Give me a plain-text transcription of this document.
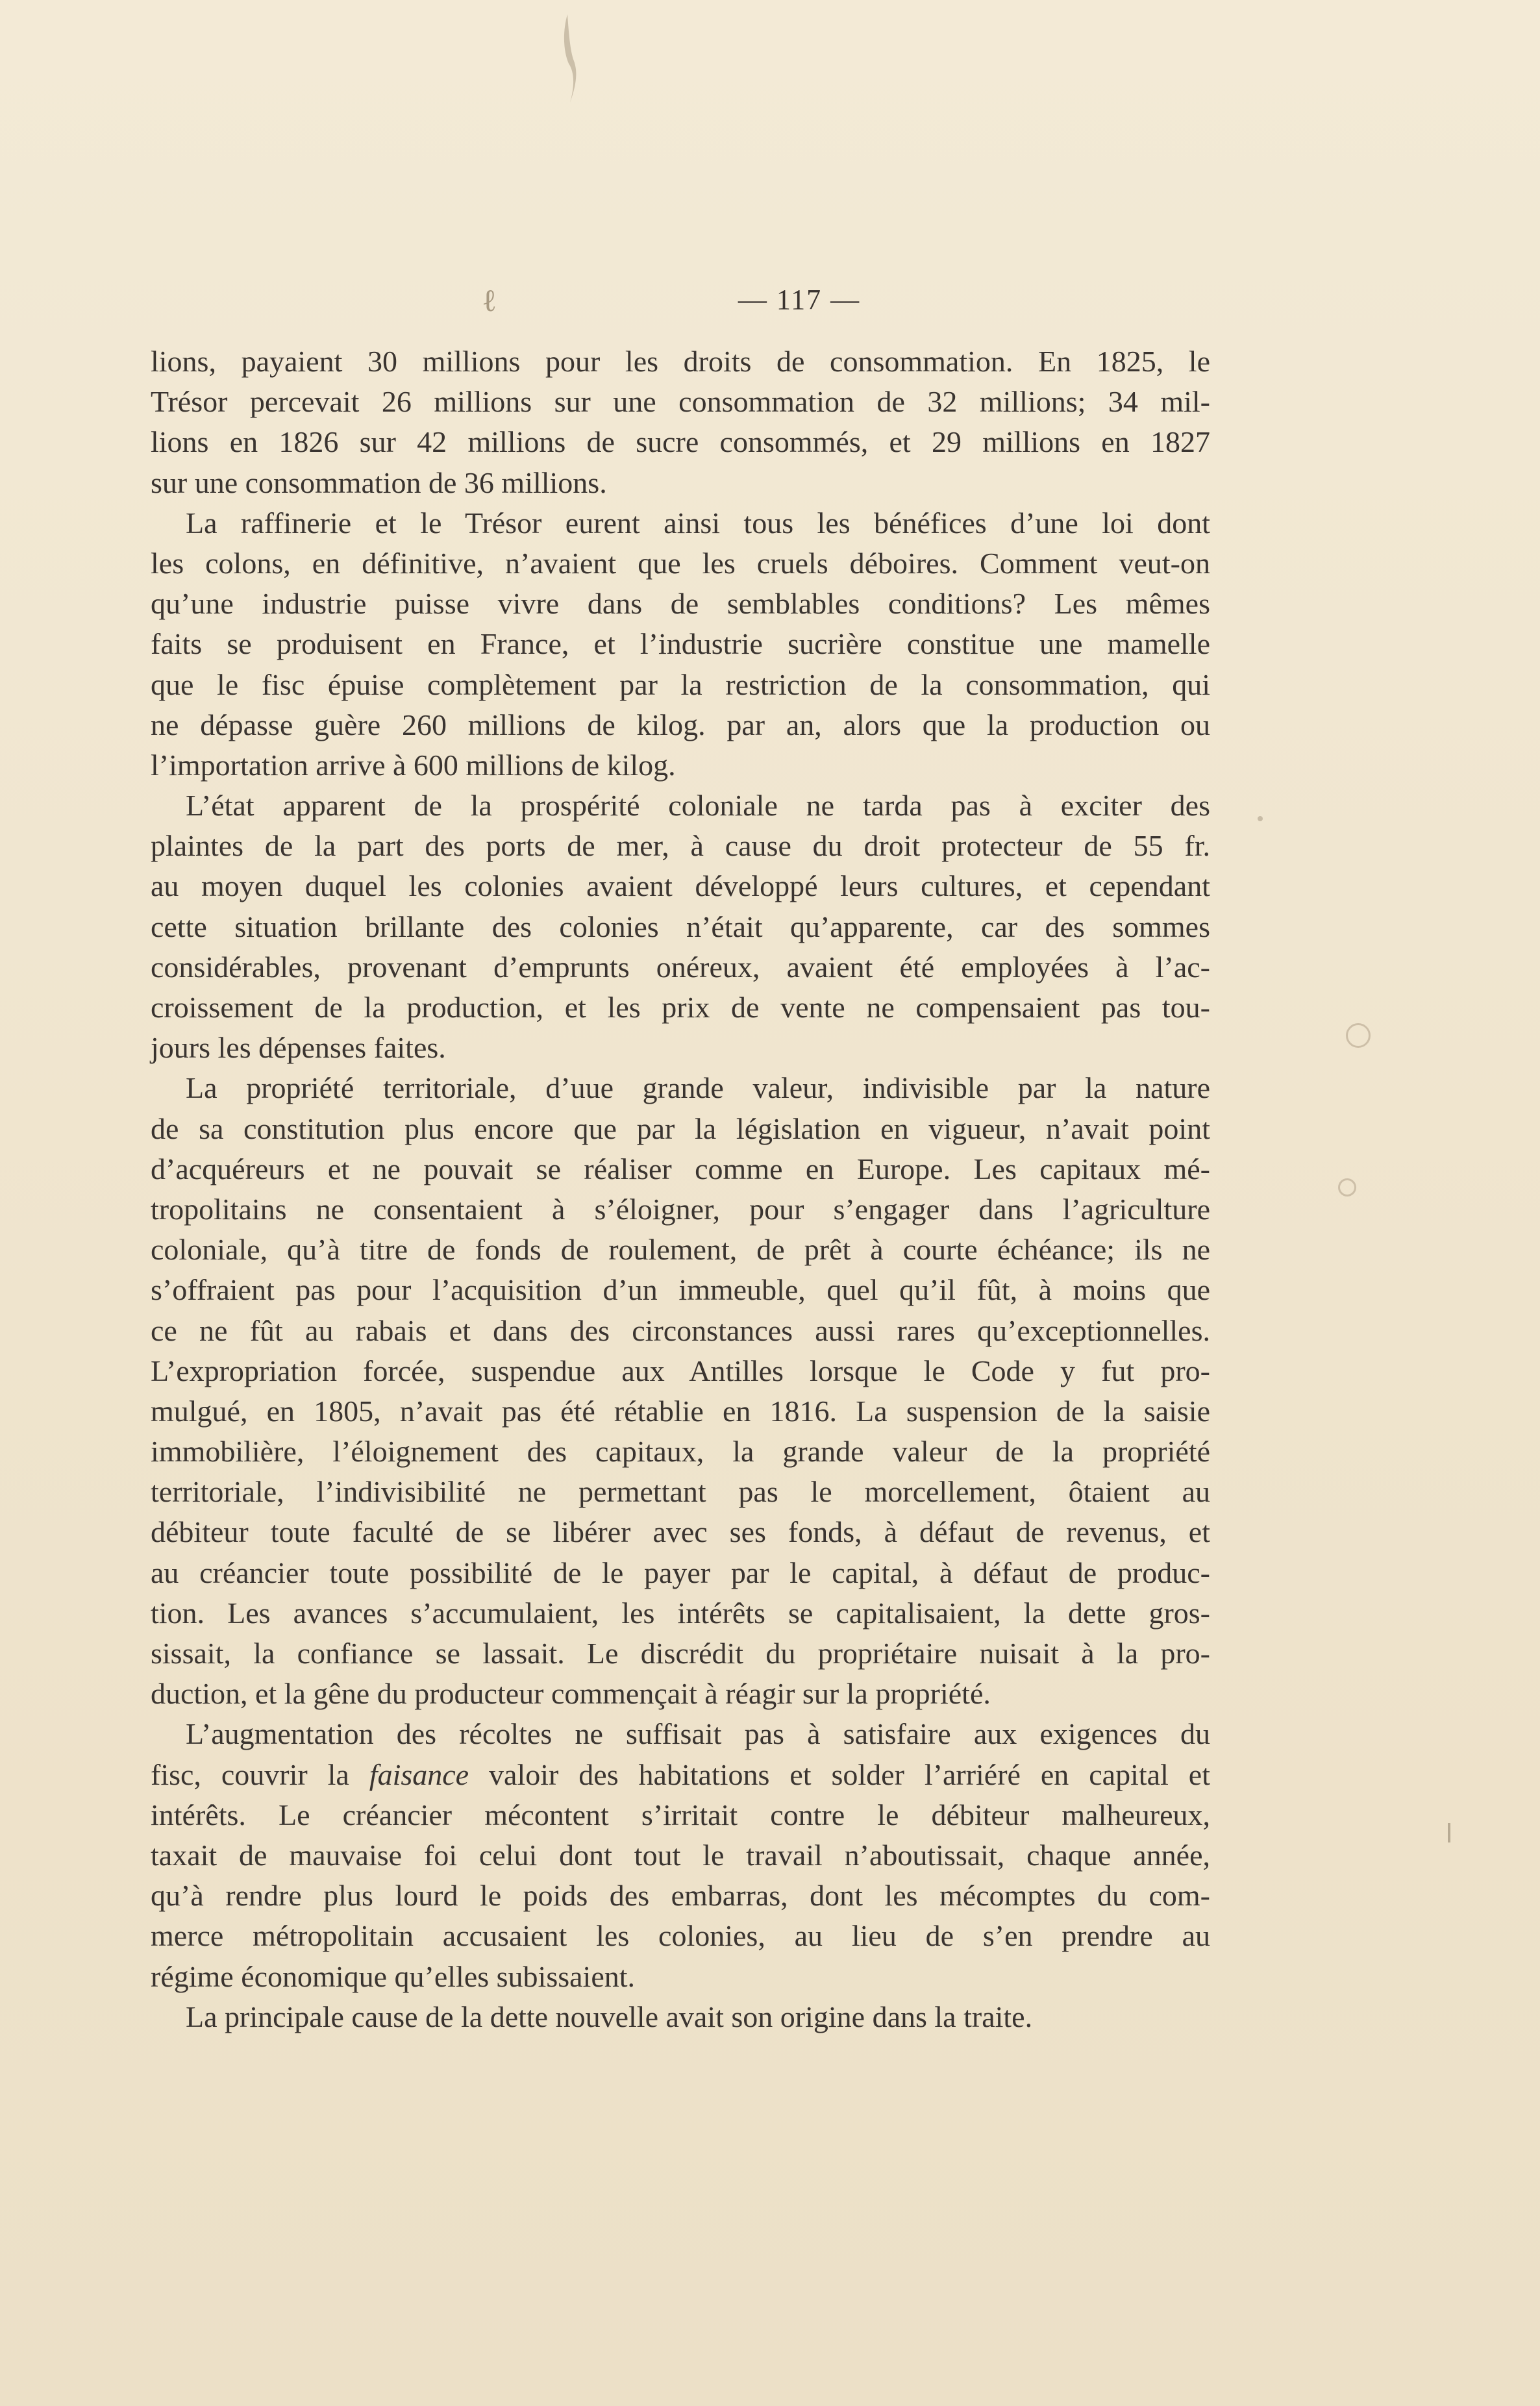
ℓ	— 117 —

lions, payaient 30 millions pour les droits de consommation. En 1825, le

Trésor percevait 26 millions sur une consommation de 32 millions; 34 mil-

lions en 1826 sur 42 millions de sucre consommés, et 29 millions en 1827

sur une consommation de 36 millions.

La raffinerie et le Trésor eurent ainsi tous les bénéfices d’une loi dont

les colons, en définitive, n’avaient que les cruels déboires. Comment veut-on

qu’une industrie puisse vivre dans de semblables conditions? Les mêmes

faits se produisent en France, et l’industrie sucrière constitue une mamelle

que le fisc épuise complètement par la restriction de la consommation, qui

ne dépasse guère 260 millions de kilog. par an, alors que la production ou

l’importation arrive à 600 millions de kilog.

L’état apparent de la prospérité coloniale ne tarda pas à exciter des

plaintes de la part des ports de mer, à cause du droit protecteur de 55 fr.

au moyen duquel les colonies avaient développé leurs cultures, et cependant

cette situation brillante des colonies n’était qu’apparente, car des sommes

considérables, provenant d’emprunts onéreux, avaient été employées à l’ac-

croissement de la production, et les prix de vente ne compensaient pas tou-

jours les dépenses faites.

La propriété territoriale, d’uue grande valeur, indivisible par la nature

de sa constitution plus encore que par la législation en vigueur, n’avait point

d’acquéreurs et ne pouvait se réaliser comme en Europe. Les capitaux mé-

tropolitains ne consentaient à s’éloigner, pour s’engager dans l’agriculture

coloniale, qu’à titre de fonds de roulement, de prêt à courte échéance; ils ne

s’offraient pas pour l’acquisition d’un immeuble, quel qu’il fût, à moins que

ce ne fût au rabais et dans des circonstances aussi rares qu’exceptionnelles.

L’expropriation forcée, suspendue aux Antilles lorsque le Code y fut pro-

mulgué, en 1805, n’avait pas été rétablie en 1816. La suspension de la saisie

immobilière, l’éloignement des capitaux, la grande valeur de la propriété

territoriale, l’indivisibilité ne permettant pas le morcellement, ôtaient au

débiteur toute faculté de se libérer avec ses fonds, à défaut de revenus, et

au créancier toute possibilité de le payer par le capital, à défaut de produc-

tion. Les avances s’accumulaient, les intérêts se capitalisaient, la dette gros-

sissait, la confiance se lassait. Le discrédit du propriétaire nuisait à la pro-

duction, et la gêne du producteur commençait à réagir sur la propriété.

L’augmentation des récoltes ne suffisait pas à satisfaire aux exigences du

fisc, couvrir la faisance valoir des habitations et solder l’arriéré en capital et

intérêts. Le créancier mécontent s’irritait contre le débiteur malheureux,

taxait de mauvaise foi celui dont tout le travail n’aboutissait, chaque année,

qu’à rendre plus lourd le poids des embarras, dont les mécomptes du com-

merce métropolitain accusaient les colonies, au lieu de s’en prendre au

régime économique qu’elles subissaient.

La principale cause de la dette nouvelle avait son origine dans la traite.
